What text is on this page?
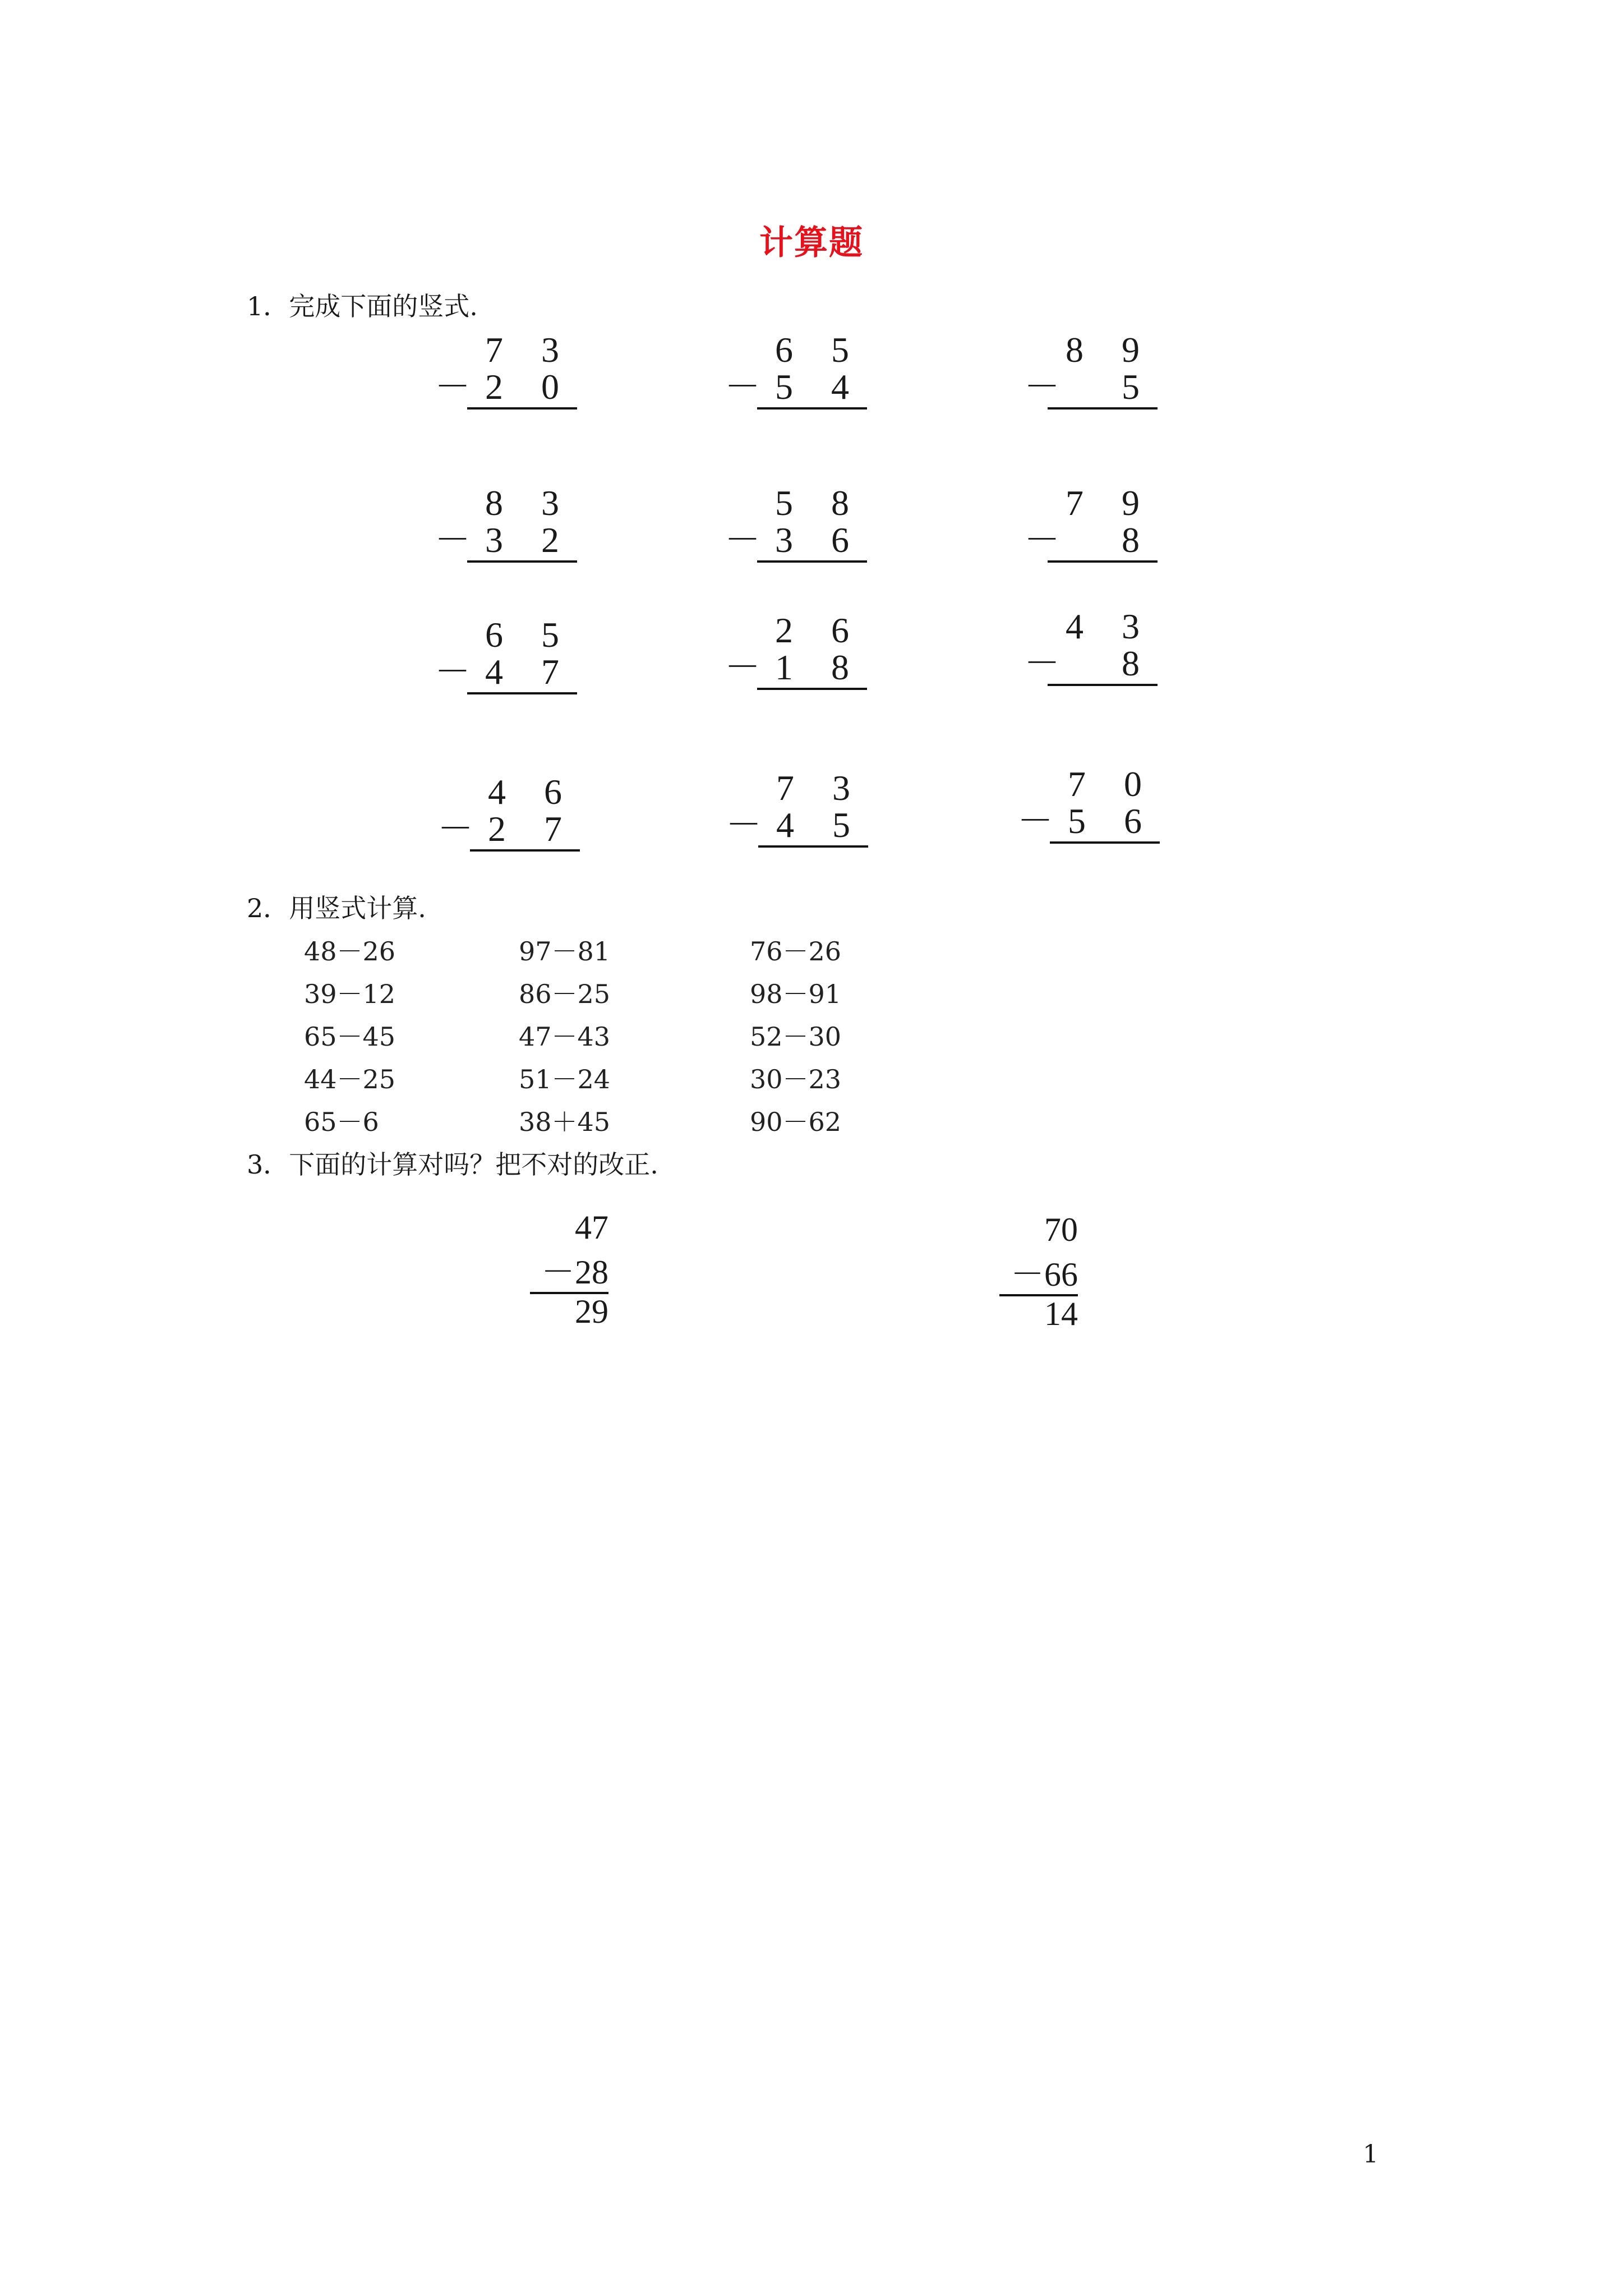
计算题
1．完成下面的竖式.
7 3
－2 0
6 5
－5 4
8 9
－  5
8 3
－3 2
5 8
－3 6
7 9
－  8
6 5
－4 7
2 6
－1 8
4 3
－  8
4 6
－2 7
7 3
－4 5
7 0
－5 6
2．用竖式计算.
48－26	97－81	76－26
39－12	86－25	98－91
65－45	47－43	52－30
44－25	51－24	30－23
65－6	38＋45	90－62
3．下面的计算对吗？把不对的改正.
47
－28
29
70
－66
14
1
